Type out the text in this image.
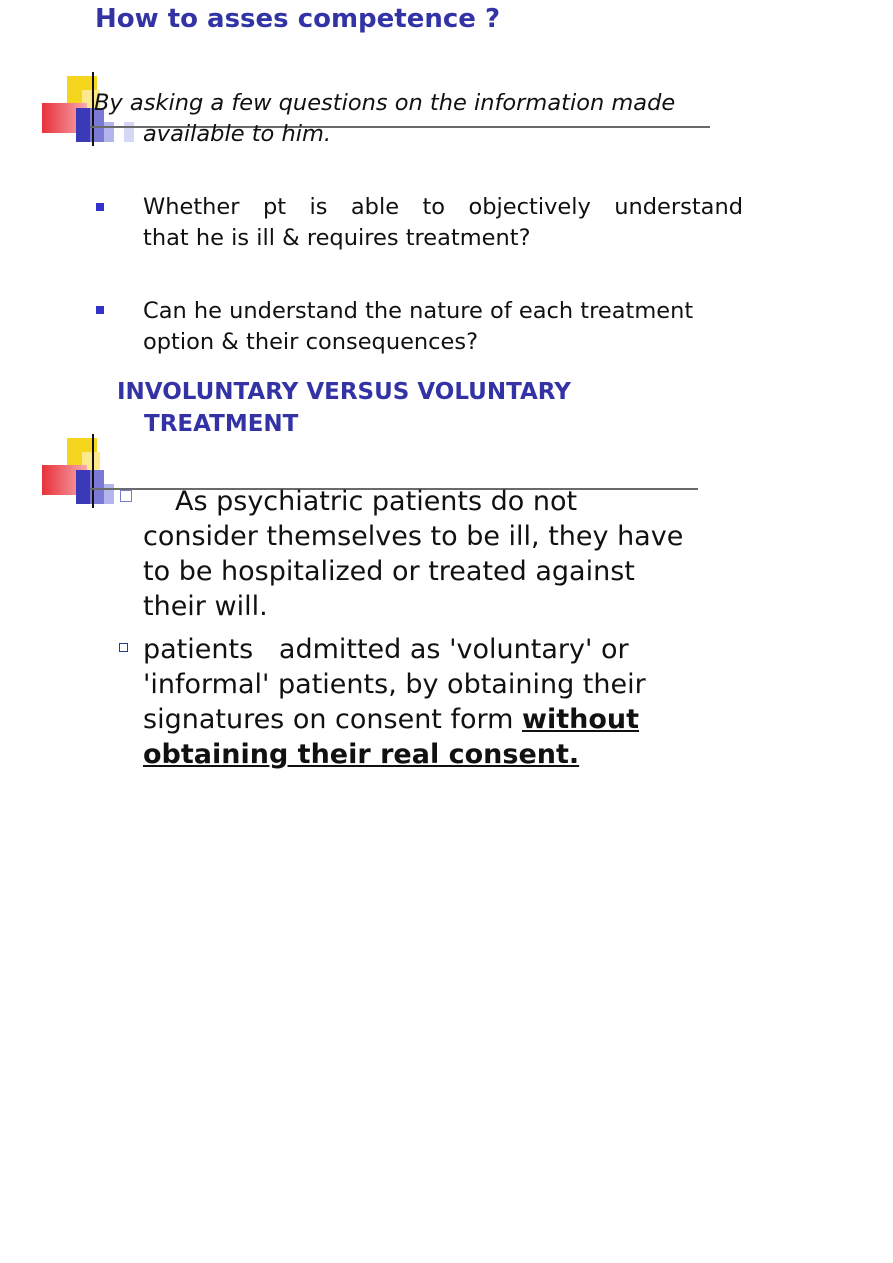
How to asses competence ?
By asking a few questions on the information made
available to him.
Whether pt is able to objectively understand
that he is ill & requires treatment?
Can he understand the nature of each treatment
option & their consequences?
INVOLUNTARY VERSUS VOLUNTARY
TREATMENT
As psychiatric patients do not
consider themselves to be ill, they have
to be hospitalized or treated against
their will.
patients   admitted as 'voluntary' or
'informal' patients, by obtaining their
signatures on consent form without
obtaining their real consent.
